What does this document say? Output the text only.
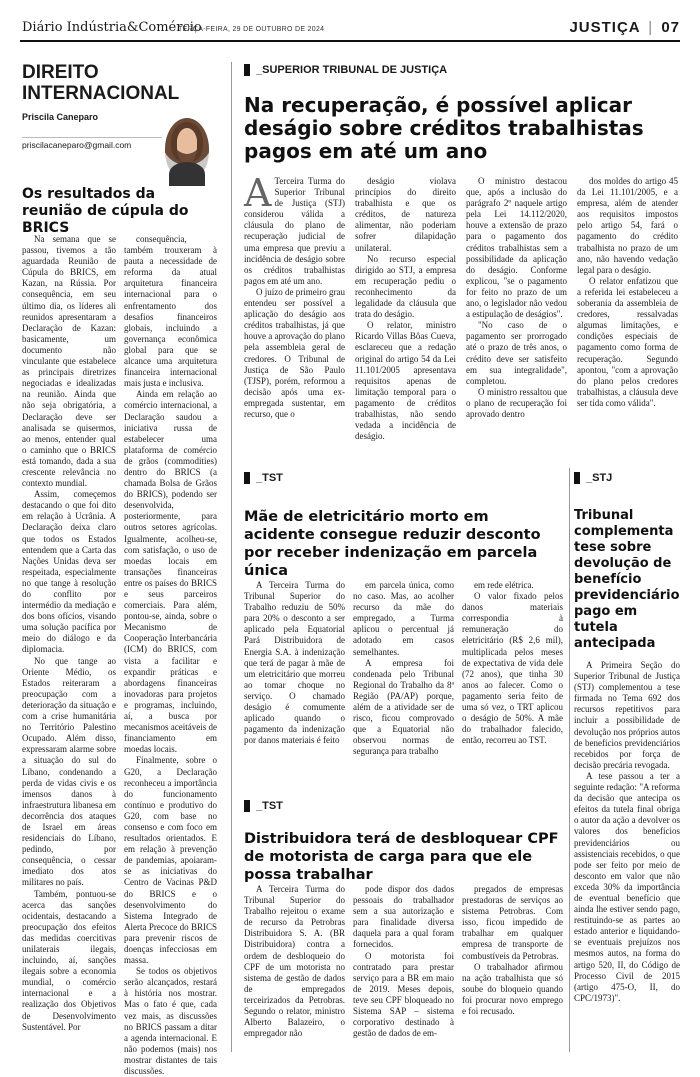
Diário Indústria&Comércio
TERÇA-FEIRA, 29 DE OUTUBRO DE 2024	JUSTIÇA | 07
DIREITO INTERNACIONAL
Priscila Caneparo
priscilacaneparo@gmail.com
Os resultados da reunião de cúpula do BRICS

Na semana que se passou, tivemos a tão aguardada Reunião de Cúpula do BRICS, em Kazan, na Rússia. Por consequência, em seu último dia, os líderes ali reunidos apresentaram a Declaração de Kazan: basicamente, um documento não vinculante que estabelece as principais diretrizes negociadas e idealizadas na reunião. Ainda que não seja obrigatória, a Declaração deve ser analisada se quisermos, ao menos, entender qual o caminho que o BRICS está tomando, dada a sua crescente relevância no contexto mundial.

Assim, começemos destacando o que foi dito em relação à Ucrânia. A Declaração deixa claro que todos os Estados entendem que a Carta das Nações Unidas deva ser respeitada, especialmente no que tange à resolução do conflito por intermédio da mediação e dos bons ofícios, visando uma solução pacífica por meio do diálogo e da diplomacia.

No que tange ao Oriente Médio, os Estados reiteraram a preocupação com a deterioração da situação e com a crise humanitária no Território Palestino Ocupado. Além disso, expressaram alarme sobre a situação do sul do Líbano, condenando a perda de vidas civis e os imensos danos à infraestrutura libanesa em decorrência dos ataques de Israel em áreas residenciais do Líbano, pedindo, por consequência, o cessar imediato dos atos militares no país.

Também, pontuou-se acerca das sanções ocidentais, destacando a preocupação dos efeitos das medidas coercitivas unilaterais ilegais, incluindo, aí, sanções ilegais sobre a economia mundial, o comércio internacional e a realização dos Objetivos de Desenvolvimento Sustentável. Por

consequência, também trouxeram à pauta a necessidade de reforma da atual arquitetura financeira internacional para o enfrentamento dos desafios financeiros globais, incluindo a governança econômica global para que se alcance uma arquitetura financeira internacional mais justa e inclusiva.

Ainda em relação ao comércio internacional, a Declaração saudou a iniciativa russa de estabelecer uma plataforma de comércio de grãos (commodities) dentro do BRICS (a chamada Bolsa de Grãos do BRICS), podendo ser desenvolvida, posteriormente, para outros setores agrícolas. Igualmente, acolheu-se, com satisfação, o uso de moedas locais em transações financeiras entre os países do BRICS e seus parceiros comerciais. Para além, pontou-se, ainda, sobre o Mecanismo de Cooperação Interbancária (ICM) do BRICS, com vista a facilitar e expandir práticas e abordagens financeiras inovadoras para projetos e programas, incluindo, aí, a busca por mecanismos aceitáveis de financiamento em moedas locais.

Finalmente, sobre o G20, a Declaração reconheceu a importância do funcionamento contínuo e produtivo do G20, com base no consenso e com foco em resultados orientados. E em relação à prevenção de pandemias, apoiaram-se as iniciativas do Centro de Vacinas P&D do BRICS e o desenvolvimento do Sistema Integrado de Alerta Precoce do BRICS para prevenir riscos de doenças infecciosas em massa.

Se todos os objetivos serão alcançados, restará à história nos mostrar. Mas o fato é que, cada vez mais, as discussões no BRICS passam a ditar a agenda internacional. E não podemos (mais) nos mostrar distantes de tais discussões.

_SUPERIOR TRIBUNAL DE JUSTIÇA
Na recuperação, é possível aplicar deságio sobre créditos trabalhistas pagos em até um ano
A Terceira Turma do Superior Tribunal de Justiça (STJ) considerou válida a cláusula do plano de recuperação judicial de uma empresa que previu a incidência de deságio sobre os créditos trabalhistas pagos em até um ano.

O juízo de primeiro grau entendeu ser possível a aplicação do deságio aos créditos trabalhistas, já que houve a aprovação do plano pela assembleia geral de credores. O Tribunal de Justiça de São Paulo (TJSP), porém, reformou a decisão após uma ex-empregada sustentar, em recurso, que o

deságio violava princípios do direito trabalhista e que os créditos, de natureza alimentar, não poderiam sofrer dilapidação unilateral.

No recurso especial dirigido ao STJ, a empresa em recuperação pediu o reconhecimento da legalidade da cláusula que trata do deságio.

O relator, ministro Ricardo Villas Bôas Cueva, esclareceu que a redação original do artigo 54 da Lei 11.101/2005 apresentava requisitos apenas de limitação temporal para o pagamento de créditos trabalhistas, não sendo vedada a incidência de deságio.

O ministro destacou que, após a inclusão do parágrafo 2º naquele artigo pela Lei 14.112/2020, houve a extensão de prazo para o pagamento dos créditos trabalhistas sem a possibilidade da aplicação do deságio. Conforme explicou, "se o pagamento for feito no prazo de um ano, o legislador não vedou a estipulação de deságios".

"No caso de o pagamento ser prorrogado até o prazo de três anos, o crédito deve ser satisfeito em sua integralidade", completou.

O ministro ressaltou que o plano de recuperação foi aprovado dentro

dos moldes do artigo 45 da Lei 11.101/2005, e a empresa, além de atender aos requisitos impostos pelo artigo 54, fará o pagamento do crédito trabalhista no prazo de um ano, não havendo vedação legal para o deságio.

O relator enfatizou que a referida lei estabeleceu a soberania da assembleia de credores, ressalvadas algumas limitações, e condições especiais de pagamento como forma de recuperação. Segundo apontou, "com a aprovação do plano pelos credores trabalhistas, a cláusula deve ser tida como válida".

_TST
Mãe de eletricitário morto em acidente consegue reduzir desconto por receber indenização em parcela única

A Terceira Turma do Tribunal Superior do Trabalho reduziu de 50% para 20% o desconto a ser aplicado pela Equatorial Pará Distribuidora de Energia S.A. à indenização que terá de pagar à mãe de um eletricitário que morreu ao tomar choque no serviço. O chamado deságio é comumente aplicado quando o pagamento da indenização por danos materiais é feito

em parcela única, como no caso. Mas, ao acolher recurso da mãe do empregado, a Turma aplicou o percentual já adotado em casos semelhantes.

A empresa foi condenada pelo Tribunal Regional do Trabalho da 8ª Região (PA/AP) porque, além de a atividade ser de risco, ficou comprovado que a Equatorial não observou normas de segurança para trabalho

em rede elétrica.

O valor fixado pelos danos materiais correspondia à remuneração do eletricitário (R$ 2,6 mil), multiplicada pelos meses de expectativa de vida dele (72 anos), que tinha 30 anos ao falecer. Como o pagamento seria feito de uma só vez, o TRT aplicou o deságio de 50%. A mãe do trabalhador falecido, então, recorreu ao TST.

_TST
Distribuidora terá de desbloquear CPF de motorista de carga para que ele possa trabalhar

A Terceira Turma do Tribunal Superior do Trabalho rejeitou o exame de recurso da Petrobras Distribuidora S. A. (BR Distribuidora) contra a ordem de desbloqueio do CPF de um motorista no sistema de gestão de dados de empregados terceirizados da Petrobras. Segundo o relator, ministro Alberto Balazeiro, o empregador não

pode dispor dos dados pessoais do trabalhador sem a sua autorização e para finalidade diversa daquela para a qual foram fornecidos.

O motorista foi contratado para prestar serviço para a BR em maio de 2019. Meses depois, teve seu CPF bloqueado no Sistema SAP – sistema corporativo destinado à gestão de dados de em-

pregados de empresas prestadoras de serviços ao sistema Petrobras. Com isso, ficou impedido de trabalhar em qualquer empresa de transporte de combustíveis da Petrobras.

O trabalhador afirmou na ação trabalhista que só soube do bloqueio quando foi procurar novo emprego e foi recusado.

_STJ
Tribunal complementa tese sobre devolução de benefício previdenciário pago em tutela antecipada

A Primeira Seção do Superior Tribunal de Justiça (STJ) complementou a tese firmada no Tema 692 dos recursos repetitivos para incluir a possibilidade de devolução nos próprios autos de benefícios previdenciários recebidos por força de decisão precária revogada.

A tese passou a ter a seguinte redação: "A reforma da decisão que antecipa os efeitos da tutela final obriga o autor da ação a devolver os valores dos benefícios previdenciários ou assistenciais recebidos, o que pode ser feito por meio de desconto em valor que não exceda 30% da importância de eventual benefício que ainda lhe estiver sendo pago, restituindo-se as partes ao estado anterior e liquidando-se eventuais prejuízos nos mesmos autos, na forma do artigo 520, II, do Código de Processo Civil de 2015 (artigo 475-O, II, do CPC/1973)".
